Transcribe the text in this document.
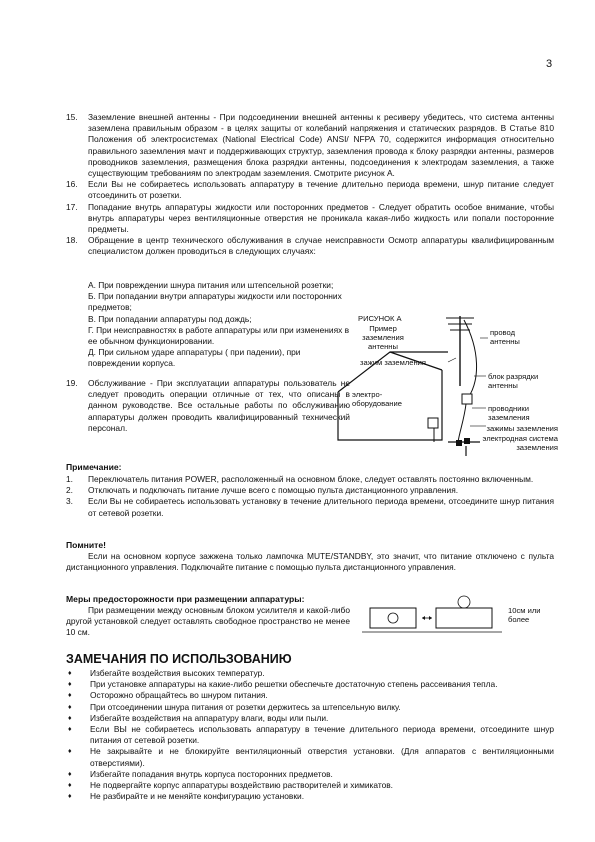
3
15.	Заземление внешней антенны - При подсоединении внешней антенны к ресиверу убедитесь, что система антенны заземлена правильным образом - в целях защиты от колебаний напряжения и статических разрядов. В Статье 810 Положения об электросистемах (National Electrical Code) ANSI/ NFPA 70, содержится информация относительно правильного заземления мачт и поддерживающих структур, заземления провода к блоку разрядки антенны, размеров проводников заземления, размещения блока разрядки антенны, подсоединения к электродам заземления, а также существующим требованиям по электродам заземления. Смотрите рисунок А.
16.	Если Вы не собираетесь использовать аппаратуру в течение длительно периода времени, шнур питание следует отсоединить от розетки.
17.	Попадание внутрь аппаратуры жидкости или посторонних предметов - Следует обратить особое внимание, чтобы внутрь аппаратуры через вентиляционные отверстия не проникала какая-либо жидкость или попали посторонние предметы.
18.	Обращение в центр технического обслуживания в случае неисправности Осмотр аппаратуры квалифицированным специалистом должен проводиться в следующих случаях:
А. При повреждении шнура питания или штепсельной розетки;
Б. При попадании внутри аппаратуры жидкости или посторонних предметов;
В. При попадании аппаратуры под дождь;
Г. При неисправностях в работе аппаратуры или при изменениях в ее обычном функционировании.
Д. При сильном ударе аппаратуры ( при падении), при повреждении корпуса.
19.	Обслуживание - При эксплуатации аппаратуры пользователь не следует проводить операции отличные от тех, что описаны в данном руководстве. Все остальные работы по обслуживанию аппаратуры должен проводить квалифицированный технический персонал.
РИСУНОК А
Пример заземления антенны
провод антенны
зажим заземления
блок разрядки антенны
электро- оборудование
проводники заземления
зажимы заземления
электродная система заземления
Примечание:
1.	Переключатель питания POWER, расположенный на основном блоке, следует оставлять постоянно включенным.
2.	Отключать и подключать питание лучше всего с помощью пульта дистанционного управления.
3.	Если Вы не собираетесь использовать установку в течение длительного периода времени, отсоедините шнур питания от сетевой розетки.
Помните!
Если на основном корпусе зажжена только лампочка MUTE/STANDBY, это значит, что питание отключено с пульта дистанционного управления. Подключайте питание с помощью пульта дистанционного управления.
Меры предосторожности при размещении аппаратуры:
При размещении между основным блоком усилителя и какой-либо другой установкой следует оставлять свободное пространство не менее 10 см.
10см или более
ЗАМЕЧАНИЯ ПО ИСПОЛЬЗОВАНИЮ
♦	Избегайте воздействия высоких температур.
♦	При установке аппаратуры на какие-либо решетки обеспечьте достаточную степень рассеивания тепла.
♦	Осторожно обращайтесь во шнуром питания.
♦	При отсоединении шнура питания от розетки держитесь за штепсельную вилку.
♦	Избегайте воздействия на аппаратуру влаги, воды или пыли.
♦	Если ВЫ не собираетесь использовать аппаратуру в течение длительного периода времени, отсоедините шнур питания от сетевой розетки.
♦	Не закрывайте и не блокируйте вентиляционный отверстия установки. (Для аппаратов с вентиляционными отверстиями).
♦	Избегайте попадания внутрь корпуса посторонних предметов.
♦	Не подвергайте корпус аппаратуры воздействию растворителей и химикатов.
♦	Не разбирайте и не меняйте конфигурацию установки.
